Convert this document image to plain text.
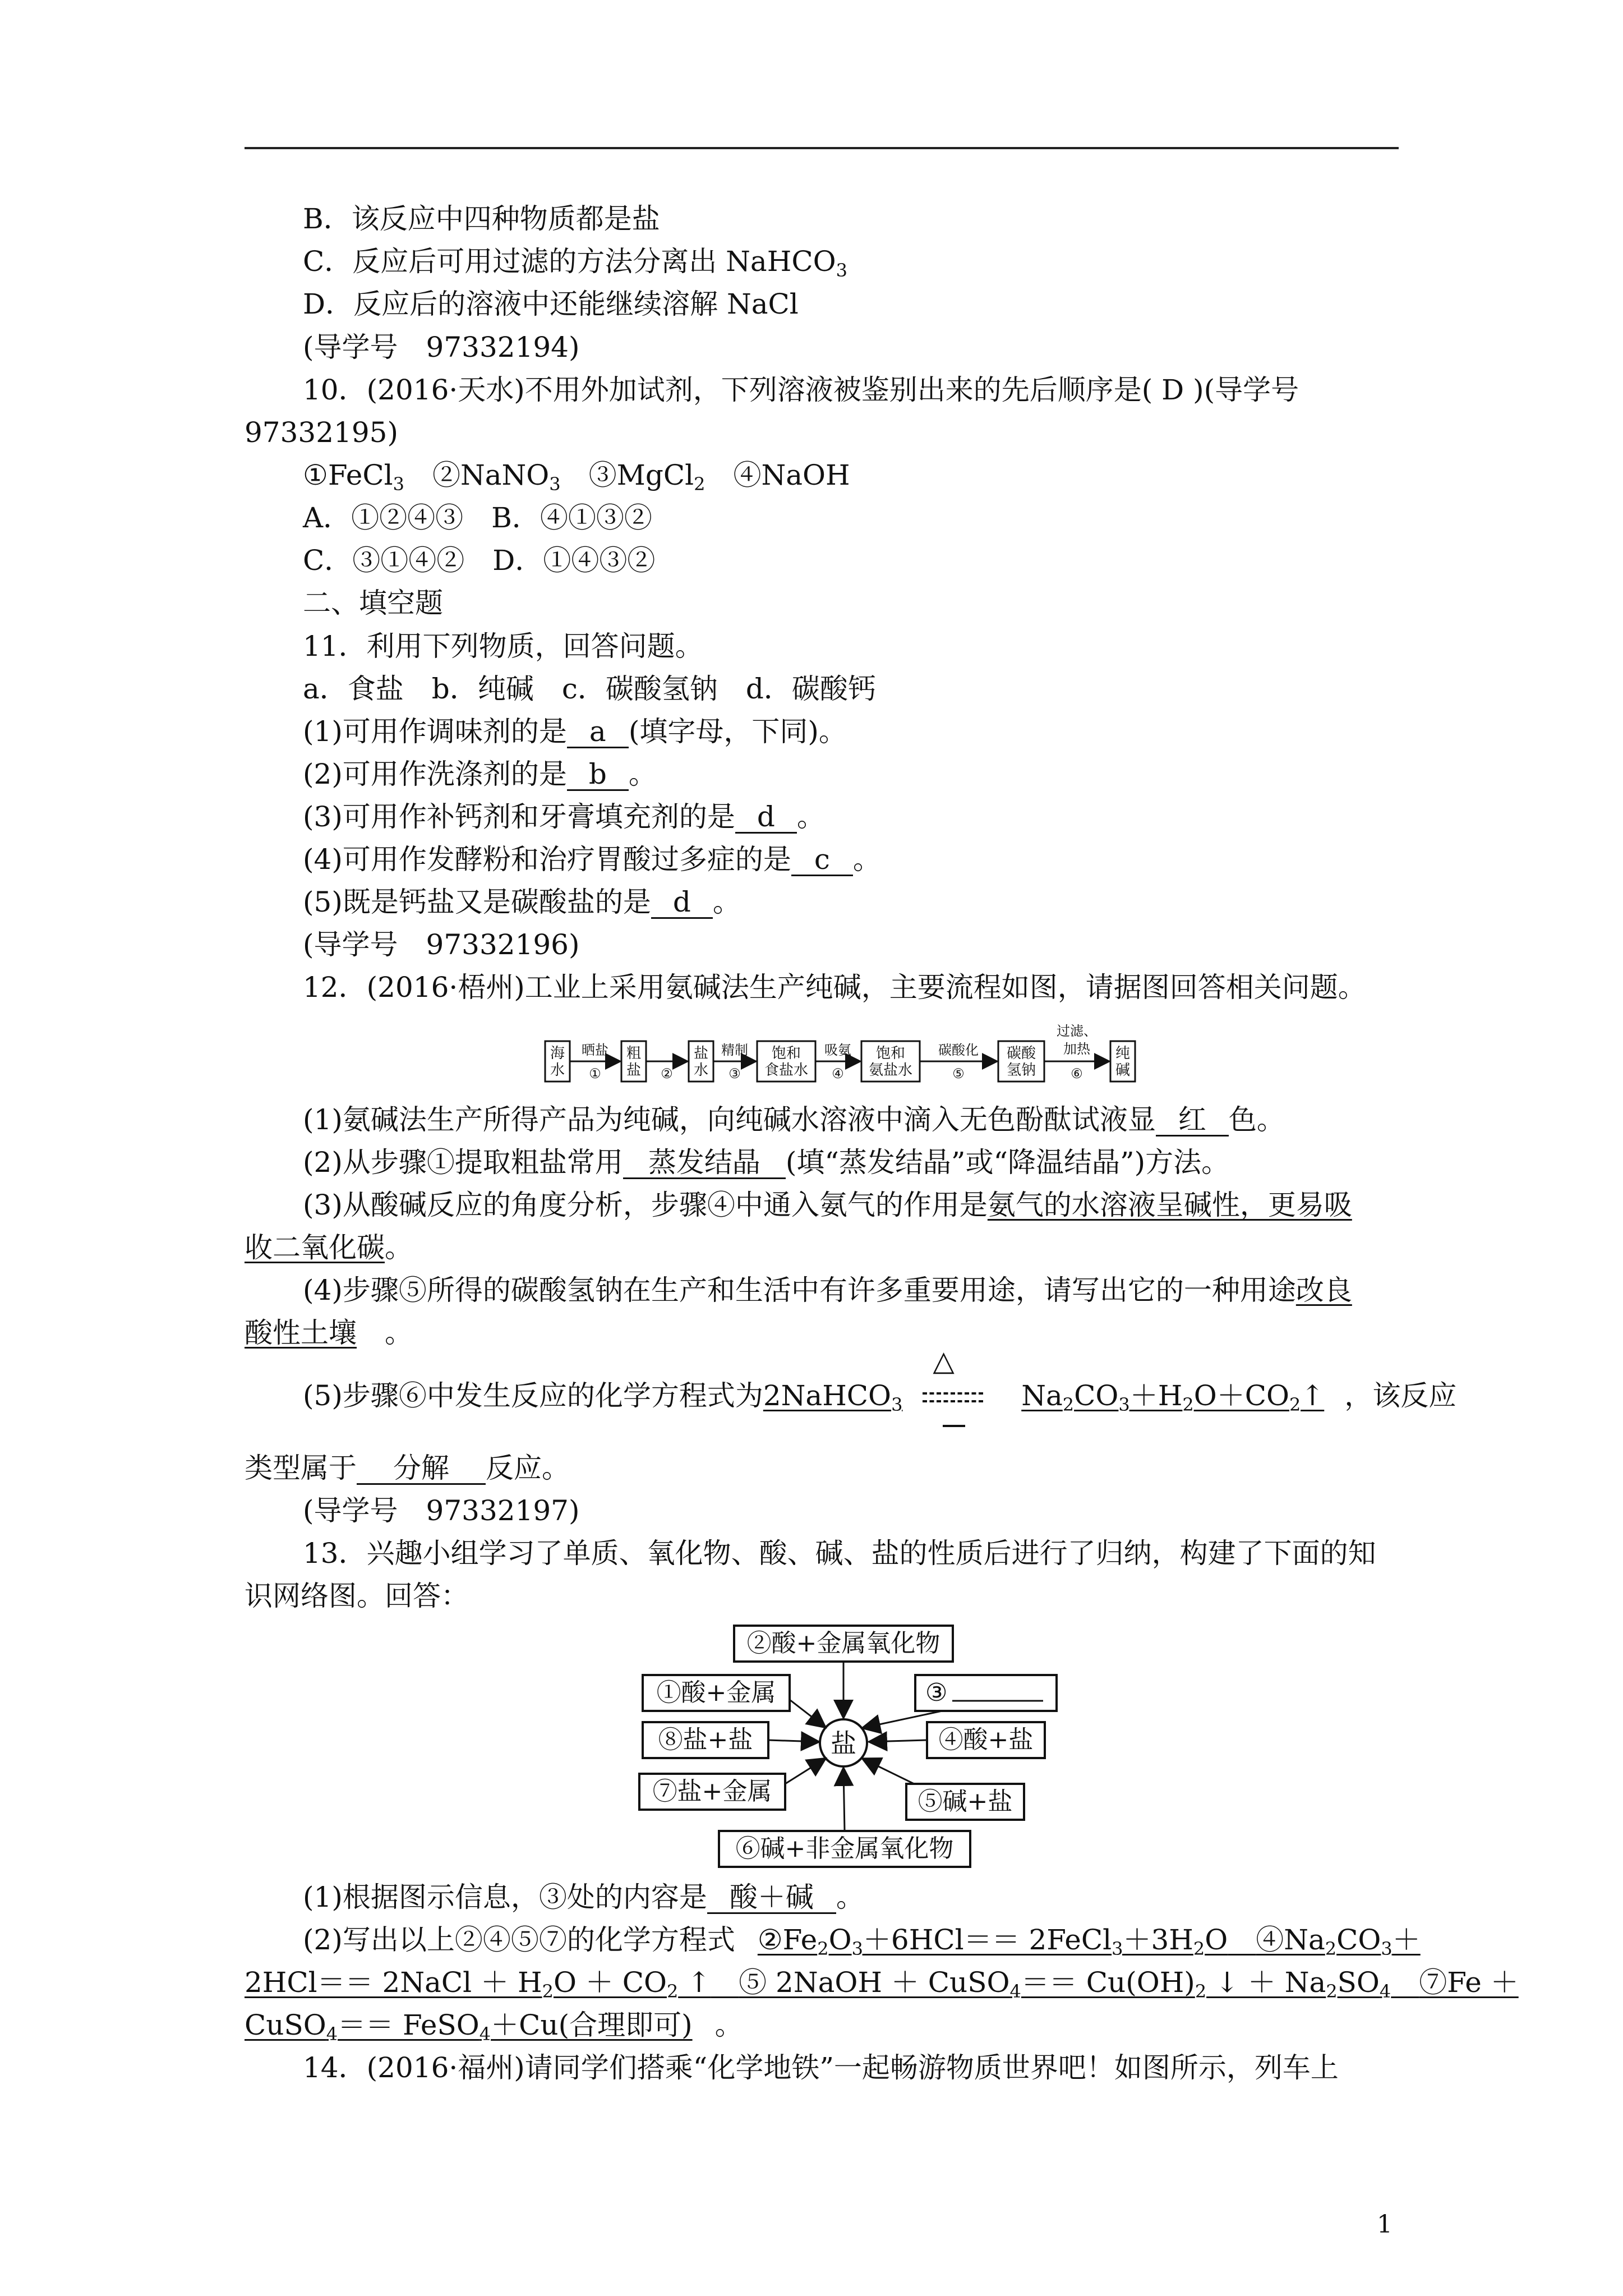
B．该反应中四种物质都是盐
C．反应后可用过滤的方法分离出 NaHCO$_3$
D．反应后的溶液中还能继续溶解 NaCl
(导学号　97332194)
10．(2016·天水)不用外加试剂，下列溶液被鉴别出来的先后顺序是( D )(导学号
97332195)
①FeCl$_3$　 ②NaNO$_3$　 ③MgCl$_2$　 ④NaOH
A．①②④③　B．④①③②
C．③①④②　D．①④③②
二、填空题
11．利用下列物质，回答问题。
a．食盐　b．纯碱　c．碳酸氢钠　d．碳酸钙
(1)可用作调味剂的是 a (填字母，下同)。
(2)可用作洗涤剂的是 b 。
(3)可用作补钙剂和牙膏填充剂的是 d 。
(4)可用作发酵粉和治疗胃酸过多症的是 c 。
(5)既是钙盐又是碳酸盐的是 d 。
(导学号　97332196)
12．(2016·梧州)工业上采用氨碱法生产纯碱，主要流程如图，请据图回答相关问题。
海
水
粗
盐
盐
水
饱和
食盐水
饱和
氨盐水
碳酸
氢钠
纯
碱
晒盐
①	②
精制
③
吸氨
④
碳酸化
⑤
过滤、
加热
⑥
(1)氨碱法生产所得产品为纯碱，向纯碱水溶液中滴入无色酚酞试液显 红 色。
(2)从步骤①提取粗盐常用 蒸发结晶 (填“蒸发结晶”或“降温结晶”)方法。
(3)从酸碱反应的角度分析，步骤④中通入氨气的作用是氨气的水溶液呈碱性，更易吸
收二氧化碳。
(4)步骤⑤所得的碳酸氢钠在生产和生活中有许多重要用途，请写出它的一种用途改良
酸性土壤 。
(5)步骤⑥中发生反应的化学方程式为2NaHCO$_3$
△
$Na_2CO_3+H_2O+CO_2↑$ ，该反应
类型属于 分解 反应。
(导学号　97332197)
13．兴趣小组学习了单质、氧化物、酸、碱、盐的性质后进行了归纳，构建了下面的知
识网络图。回答：
盐
②酸+金属氧化物
①酸+金属	③
⑧盐+盐	④酸+盐
⑦盐+金属	⑤碱+盐
⑥碱+非金属氧化物
(1)根据图示信息，③处的内容是 酸＋碱 。
(2)写出以上②④⑤⑦的化学方程式 $②Fe_2O_3+6HCl==$ $2FeCl_3+3H_2O$　 $④Na_2CO_3+$
2HCl＝＝ 2NaCl ＋ $H_2O + CO_2$ ↑　 ⑤ 2NaOH ＋ CuSO$_4$＝＝ $Cu(OH)_2$ ↓ ＋ $Na_2SO_4$　 ⑦Fe ＋
CuSO$_4$＝＝ FeSO$_4$＋Cu(合理即可) 。
14．(2016·福州)请同学们搭乘“化学地铁”一起畅游物质世界吧！如图所示，列车上
1
